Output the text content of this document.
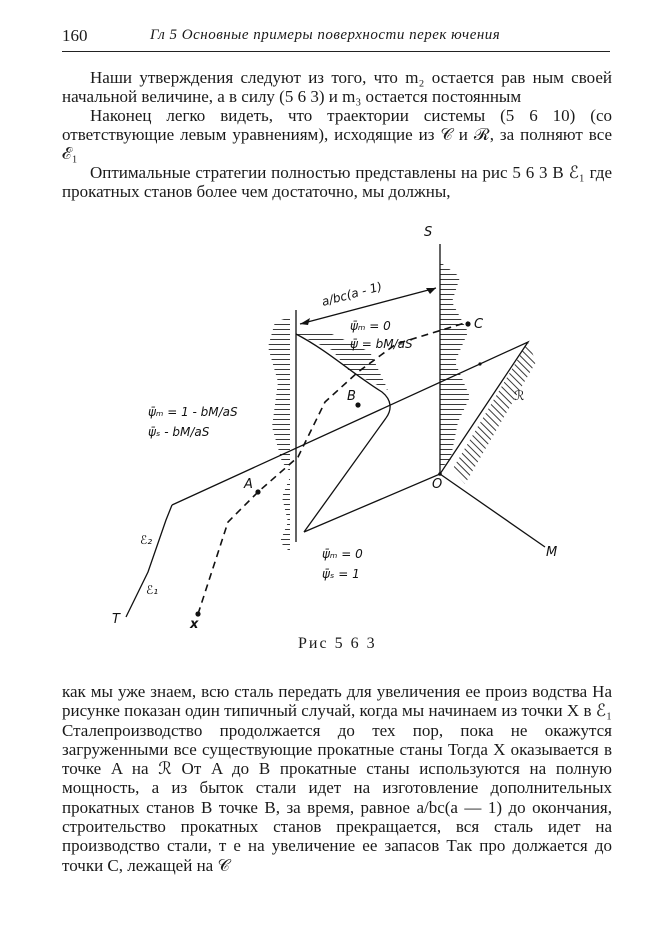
160	Гл 5 Основные примеры поверхности перек ючения

Наши утверждения следуют из того, что m₂ остается рав ным своей начальной величине, а в силу (5 6 3) и m₃ остается постоянным

Наконец легко видеть, что траектории системы (5 6 10) (со ответствующие левым уравнениям), исходящие из 𝒞 и ℛ, за полняют все ℰ₁

Оптимальные стратегии полностью представлены на рис 5 6 3 В ℰ₁ где прокатных станов более чем достаточно, мы должны,

S
a/bc(a - 1)
ψ̄ₘ = 0
ψ̄ = bM/aS
C
B	ℛ
ψ̄ₘ = 1 - bM/aS
ψ̄ₛ - bM/aS
A	O
ℰ₂
ψ̄ₘ = 0
ψ̄ₛ = 1
M
ℰ₁
T	x
Рис 5 6 3

как мы уже знаем, всю сталь передать для увеличения ее произ водства На рисунке показан один типичный случай, когда мы начинаем из точки X в ℰ₁ Сталепроизводство продолжается до тех пор, пока не окажутся загруженными все существующие прокатные станы Тогда X оказывается в точке A на ℛ От A до B прокатные станы используются на полную мощность, а из быток стали идет на изготовление дополнительных прокатных станов В точке B, за время, равное a/bc(a — 1) до окончания, строительство прокатных станов прекращается, вся сталь идет на производство стали, т е на увеличение ее запасов Так про должается до точки C, лежащей на 𝒞
